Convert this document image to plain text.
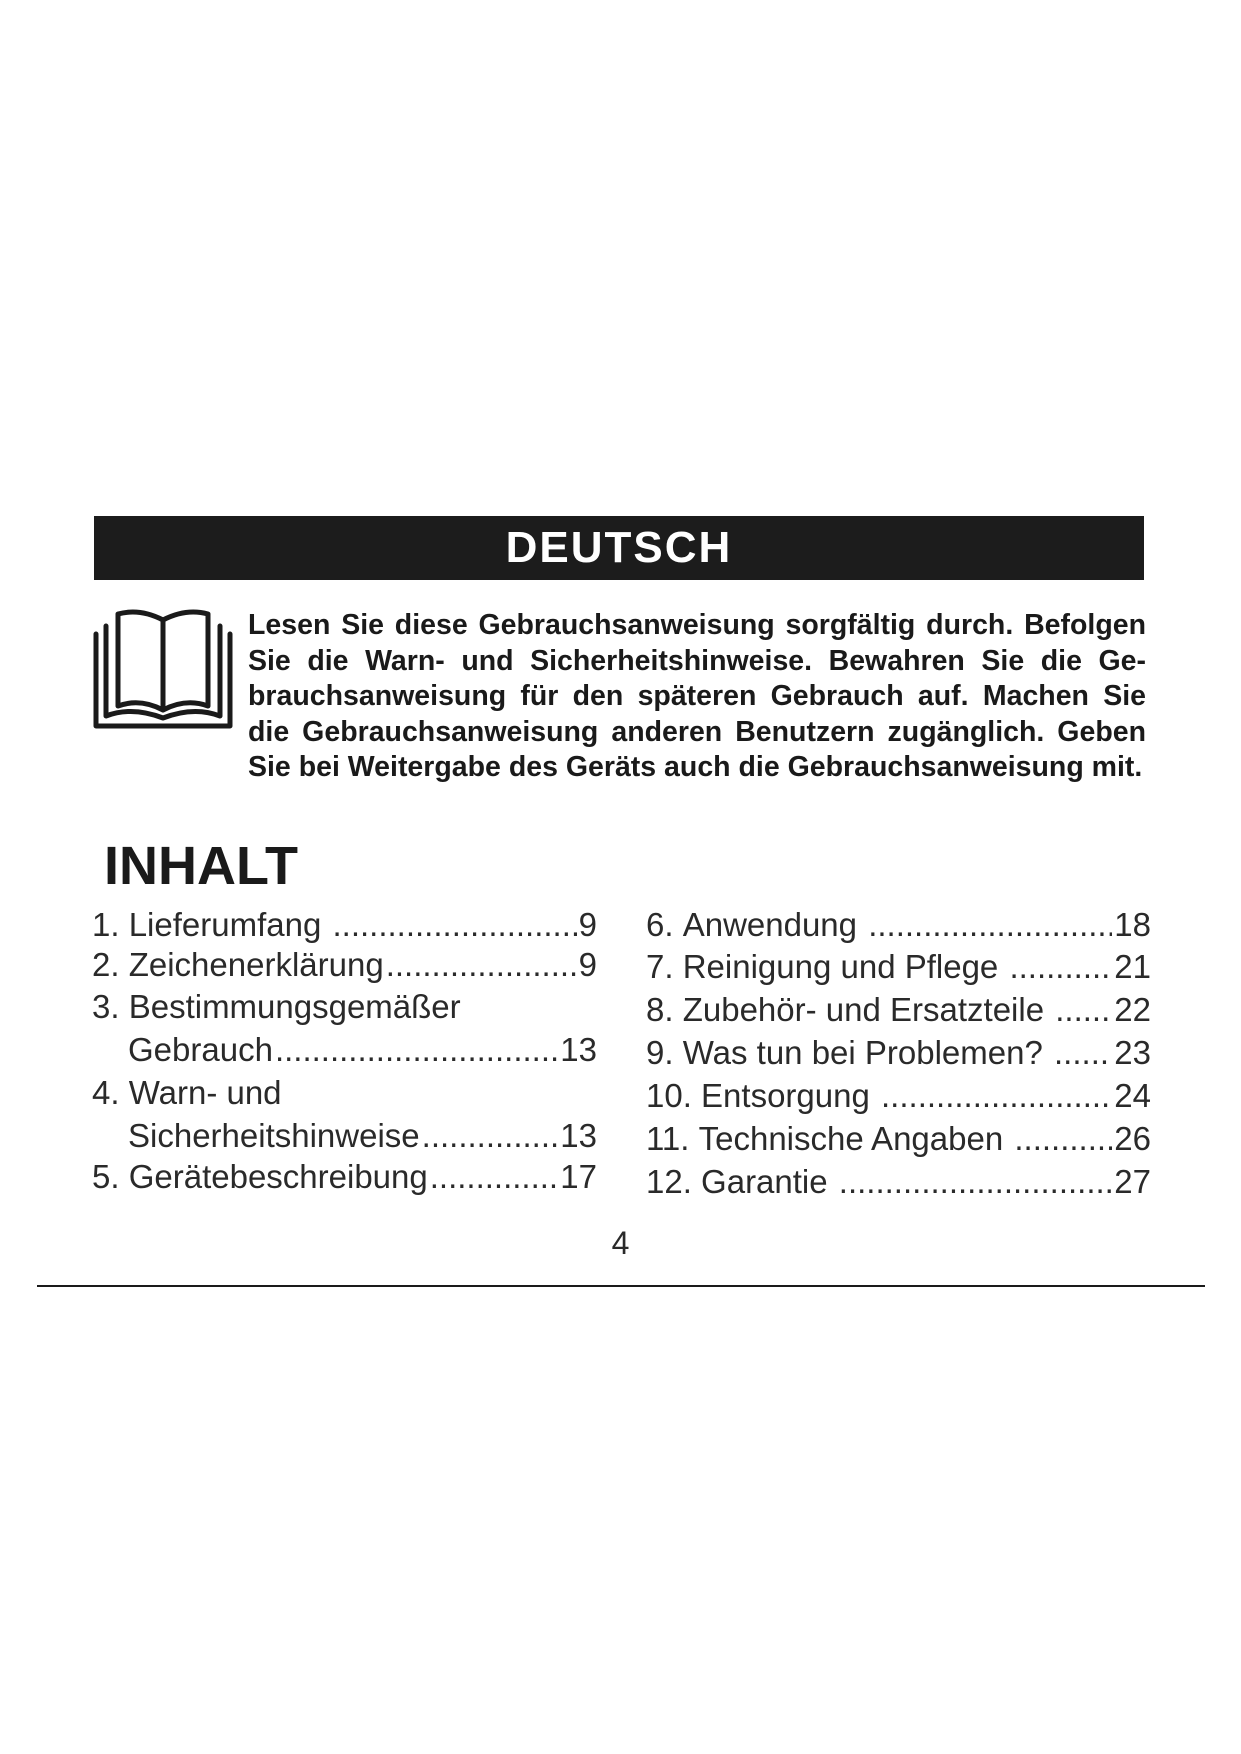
DEUTSCH
Lesen Sie diese Gebrauchsanweisung sorgfältig durch. Befolgen Sie die Warn- und Sicherheitshinweise. Bewahren Sie die Ge-brauchsanweisung für den späteren Gebrauch auf. Machen Sie die Gebrauchsanweisung anderen Benutzern zugänglich. Geben Sie bei Weitergabe des Geräts auch die Gebrauchsanweisung mit.
INHALT
1.
Lieferumfang
.....	9
2.
Zeichenerklärung .....	9
3.
Bestimmungsgemäßer
Gebrauch .....	13
4.
Warn- und
Sicherheitshinweise .....	13
5.
Gerätebeschreibung .....	17
6.
Anwendung
.....	18
7.
Reinigung und Pflege
.....	21
8.
Zubehör- und Ersatzteile
..... 22
9.
Was tun bei Problemen?
..... 23
10.
Entsorgung
.....	24
11.
Technische Angaben
.....	26
12.
Garantie
.....	27
4
